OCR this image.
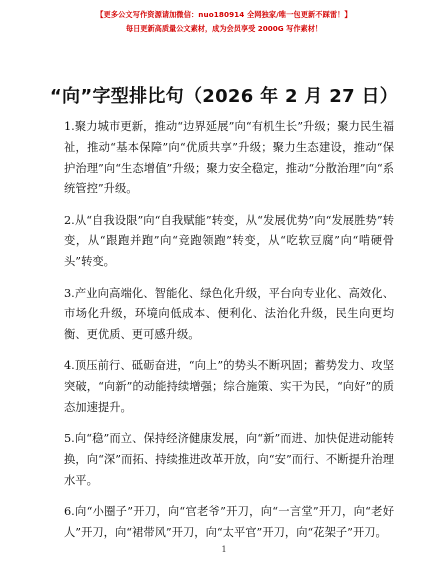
【更多公文写作资源请加微信：nuo180914 全网独家/唯一包更新不踩雷！】
每日更新高质量公文素材，成为会员享受 2000G 写作素材！
“向”字型排比句（2026 年 2 月 27 日）

1.聚力城市更新，推动“边界延展”向“有机生长”升级；聚力民生福祉，推动“基本保障”向“优质共享”升级；聚力生态建设，推动“保护治理”向“生态增值”升级；聚力安全稳定，推动“分散治理”向“系统管控”升级。

2.从“自我设限”向“自我赋能”转变，从“发展优势”向“发展胜势”转变，从“跟跑并跑”向“竞跑领跑”转变，从“吃软豆腐”向“啃硬骨头”转变。

3.产业向高端化、智能化、绿色化升级，平台向专业化、高效化、市场化升级，环境向低成本、便利化、法治化升级，民生向更均衡、更优质、更可感升级。

4.顶压前行、砥砺奋进，“向上”的势头不断巩固；蓄势发力、攻坚突破，“向新”的动能持续增强；综合施策、实干为民，“向好”的质态加速提升。

5.向“稳”而立、保持经济健康发展，向“新”而进、加快促进动能转换，向“深”而拓、持续推进改革开放，向“安”而行、不断提升治理水平。

6.向“小圈子”开刀，向“官老爷”开刀，向“一言堂”开刀，向“老好人”开刀，向“裙带风”开刀，向“太平官”开刀，向“花架子”开刀。

1
